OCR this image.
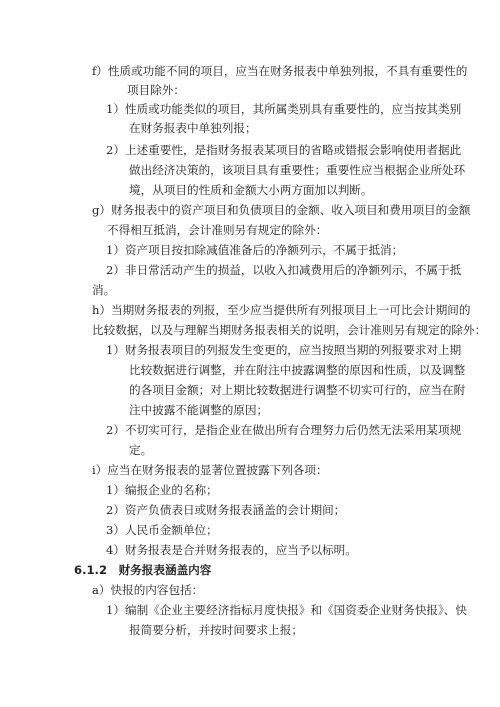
f）性质或功能不同的项目，应当在财务报表中单独列报，不具有重要性的
项目除外：
1）性质或功能类似的项目，其所属类别具有重要性的，应当按其类别
在财务报表中单独列报；
2）上述重要性，是指财务报表某项目的省略或错报会影响使用者据此
做出经济决策的，该项目具有重要性；重要性应当根据企业所处环
境，从项目的性质和金额大小两方面加以判断。
g）财务报表中的资产项目和负债项目的金额、收入项目和费用项目的金额
不得相互抵消，会计准则另有规定的除外：
1）资产项目按扣除减值准备后的净额列示，不属于抵消；
2）非日常活动产生的损益，以收入扣减费用后的净额列示，不属于抵
消。
h）当期财务报表的列报，至少应当提供所有列报项目上一可比会计期间的
比较数据，以及与理解当期财务报表相关的说明，会计准则另有规定的除外：
1）财务报表项目的列报发生变更的，应当按照当期的列报要求对上期
比较数据进行调整，并在附注中披露调整的原因和性质，以及调整
的各项目金额；对上期比较数据进行调整不切实可行的，应当在附
注中披露不能调整的原因；
2）不切实可行，是指企业在做出所有合理努力后仍然无法采用某项规
定。
i）应当在财务报表的显著位置披露下列各项：
1）编报企业的名称；
2）资产负债表日或财务报表涵盖的会计期间；
3）人民币金额单位；
4）财务报表是合并财务报表的，应当予以标明。
6.1.2　财务报表涵盖内容
a）快报的内容包括：
1）编制《企业主要经济指标月度快报》和《国资委企业财务快报》、快
报简要分析，并按时间要求上报；
